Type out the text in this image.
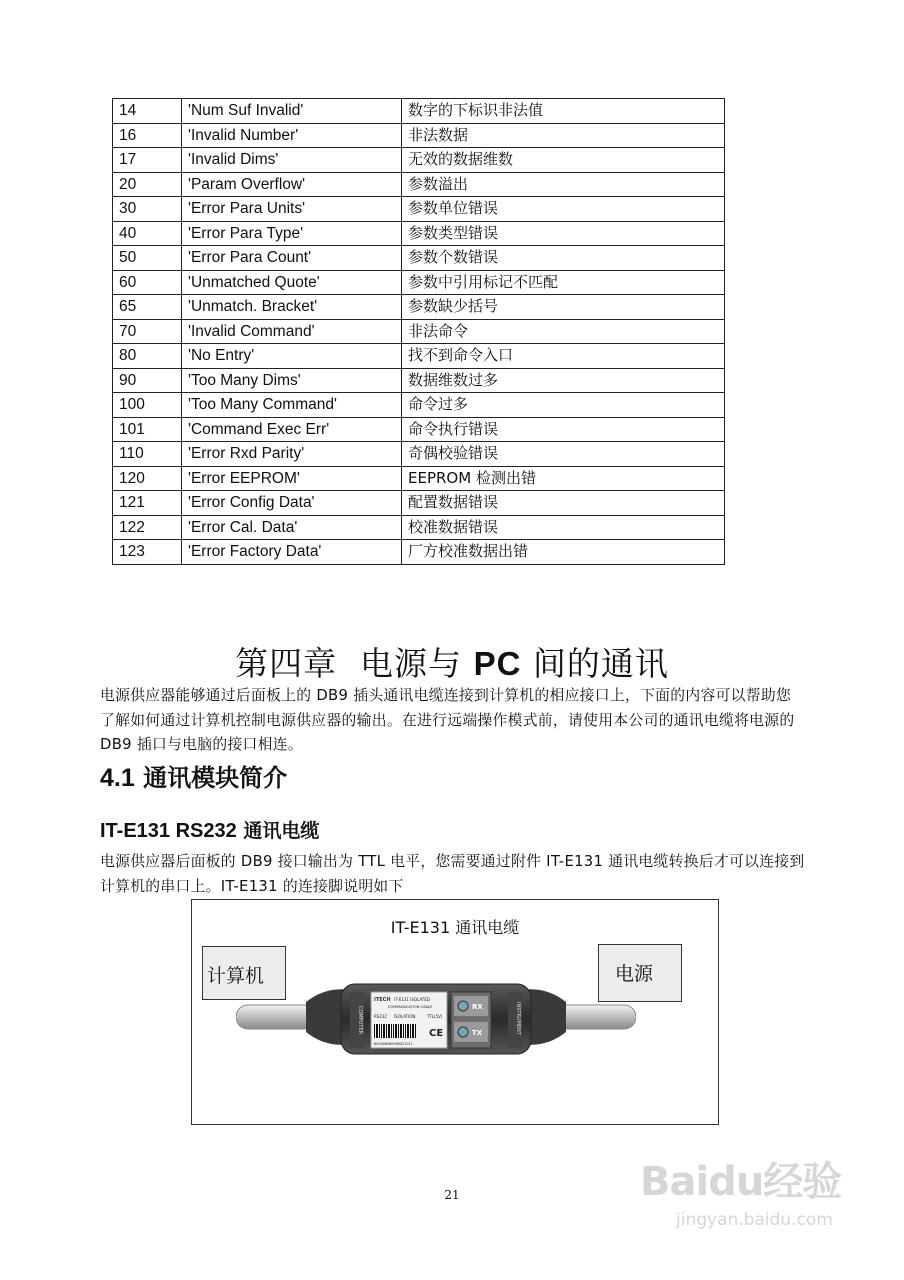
14	'Num Suf Invalid'	数字的下标识非法值
16	'Invalid Number'	非法数据
17	'Invalid Dims'	无效的数据维数
20	'Param Overflow'	参数溢出
30	'Error Para Units'	参数单位错误
40	'Error Para Type'	参数类型错误
50	'Error Para Count'	参数个数错误
60	'Unmatched Quote'	参数中引用标记不匹配
65	'Unmatch. Bracket'	参数缺少括号
70	'Invalid Command'	非法命令
80	'No Entry'	找不到命令入口
90	'Too Many Dims'	数据维数过多
100	'Too Many Command'	命令过多
101	'Command Exec Err'	命令执行错误
110	'Error Rxd Parity'	奇偶校验错误
120	'Error EEPROM'	EEPROM 检测出错
121	'Error Config Data'	配置数据错误
122	'Error Cal. Data'	校准数据错误
123	'Error Factory Data'	厂方校准数据出错
第四章  电源与 PC 间的通讯

电源供应器能够通过后面板上的 DB9 插头通讯电缆连接到计算机的相应接口上，下面的内容可以帮助您了解如何通过计算机控制电源供应器的输出。在进行远端操作模式前，请使用本公司的通讯电缆将电源的 DB9 插口与电脑的接口相连。

4.1 通讯模块简介
IT-E131 RS232 通讯电缆

电源供应器后面板的 DB9 接口输出为 TTL 电平，您需要通过附件 IT-E131 通讯电缆转换后才可以连接到计算机的串口上。IT-E131 的连接脚说明如下

IT-E131 通讯电缆
计算机	电源
COMPUTER	INSTRUMENT
ITECH IT-E131 ISOLATED
COMMUNICATION CABLE
RS232 ISOLATION	TTL(5V)
CE
800466080989021011
RX
TX
21	Baidu经验
jingyan.baidu.com
